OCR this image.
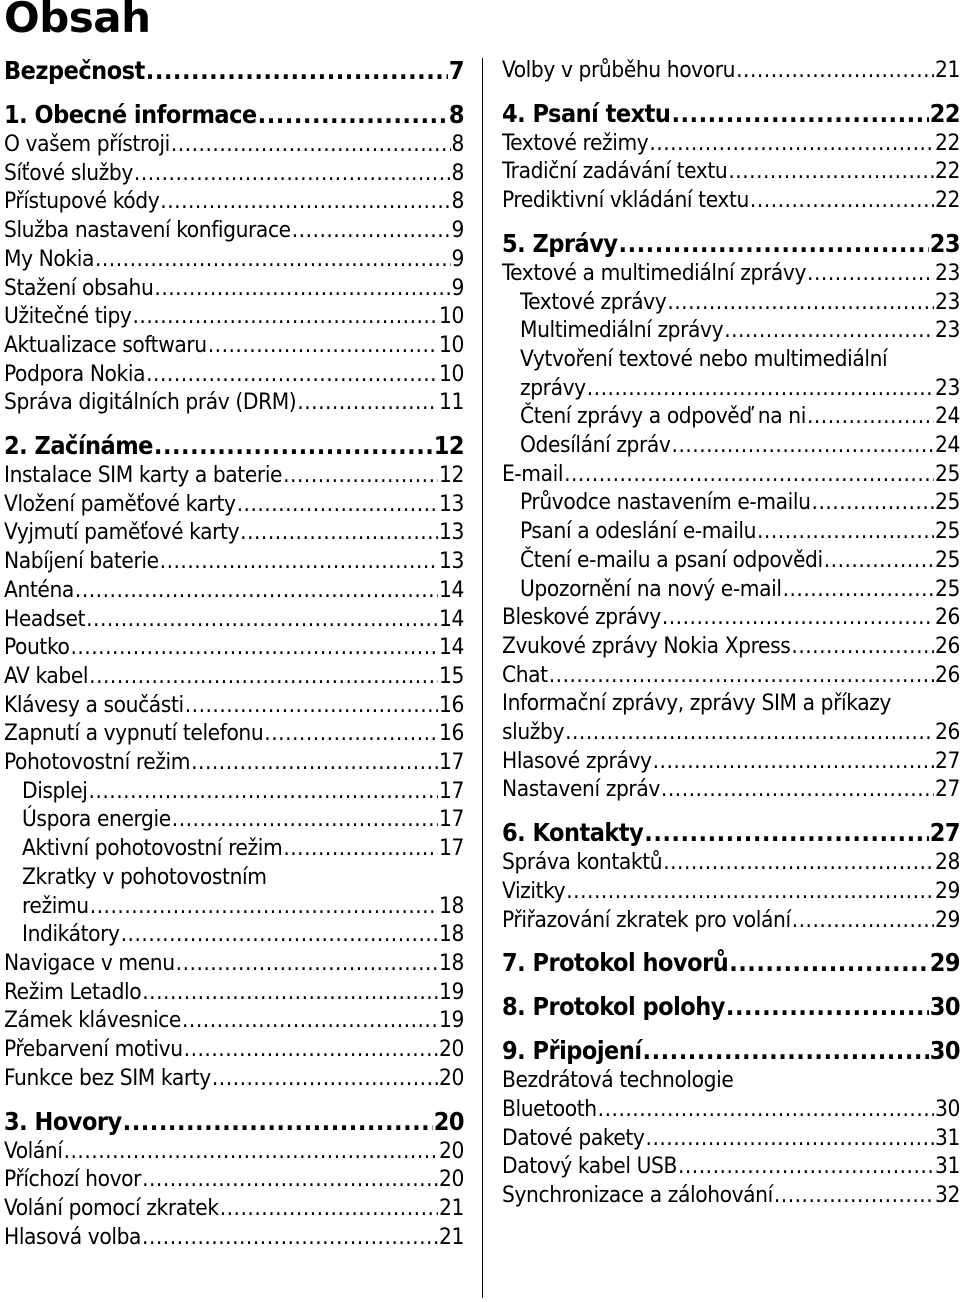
Obsah
Bezpečnost .....	7
1. Obecné informace .....	8
O vašem přístroji .....	8
Síťové služby .....	8
Přístupové kódy .....	8
Služba nastavení konfigurace .....	9
My Nokia .....	9
Stažení obsahu .....	9
Užitečné tipy .....	10
Aktualizace softwaru .....	10
Podpora Nokia .....	10
Správa digitálních práv (DRM) .....	11
2. Začínáme .....	12
Instalace SIM karty a baterie .....	12
Vložení paměťové karty .....	13
Vyjmutí paměťové karty .....	13
Nabíjení baterie .....	13
Anténa .....	14
Headset .....	14
Poutko .....	14
AV kabel .....	15
Klávesy a součásti .....	16
Zapnutí a vypnutí telefonu .....	16
Pohotovostní režim .....	17
Displej .....	17
Úspora energie .....	17
Aktivní pohotovostní režim .....	17
Zkratky v pohotovostním
režimu .....	18
Indikátory .....	18
Navigace v menu .....	18
Režim Letadlo .....	19
Zámek klávesnice .....	19
Přebarvení motivu .....	20
Funkce bez SIM karty .....	20
3. Hovory .....	20
Volání .....	20
Příchozí hovor .....	20
Volání pomocí zkratek .....	21
Hlasová volba .....	21
Volby v průběhu hovoru .....	21
4. Psaní textu .....	22
Textové režimy .....	22
Tradiční zadávání textu .....	22
Prediktivní vkládání textu .....	22
5. Zprávy .....	23
Textové a multimediální zprávy .....	23
Textové zprávy .....	23
Multimediální zprávy .....	23
Vytvoření textové nebo multimediální
zprávy .....	23
Čtení zprávy a odpověď na ni .....	24
Odesílání zpráv .....	24
E-mail .....	25
Průvodce nastavením e-mailu .....	25
Psaní a odeslání e-mailu .....	25
Čtení e-mailu a psaní odpovědi .....	25
Upozornění na nový e-mail .....	25
Bleskové zprávy .....	26
Zvukové zprávy Nokia Xpress .....	26
Chat .....	26
Informační zprávy, zprávy SIM a příkazy
služby .....	26
Hlasové zprávy .....	27
Nastavení zpráv .....	27
6. Kontakty .....	27
Správa kontaktů .....	28
Vizitky .....	29
Přiřazování zkratek pro volání .....	29
7. Protokol hovorů .....	29
8. Protokol polohy .....	30
9. Připojení .....	30
Bezdrátová technologie
Bluetooth .....	30
Datové pakety .....	31
Datový kabel USB .....	31
Synchronizace a zálohování .....	32
